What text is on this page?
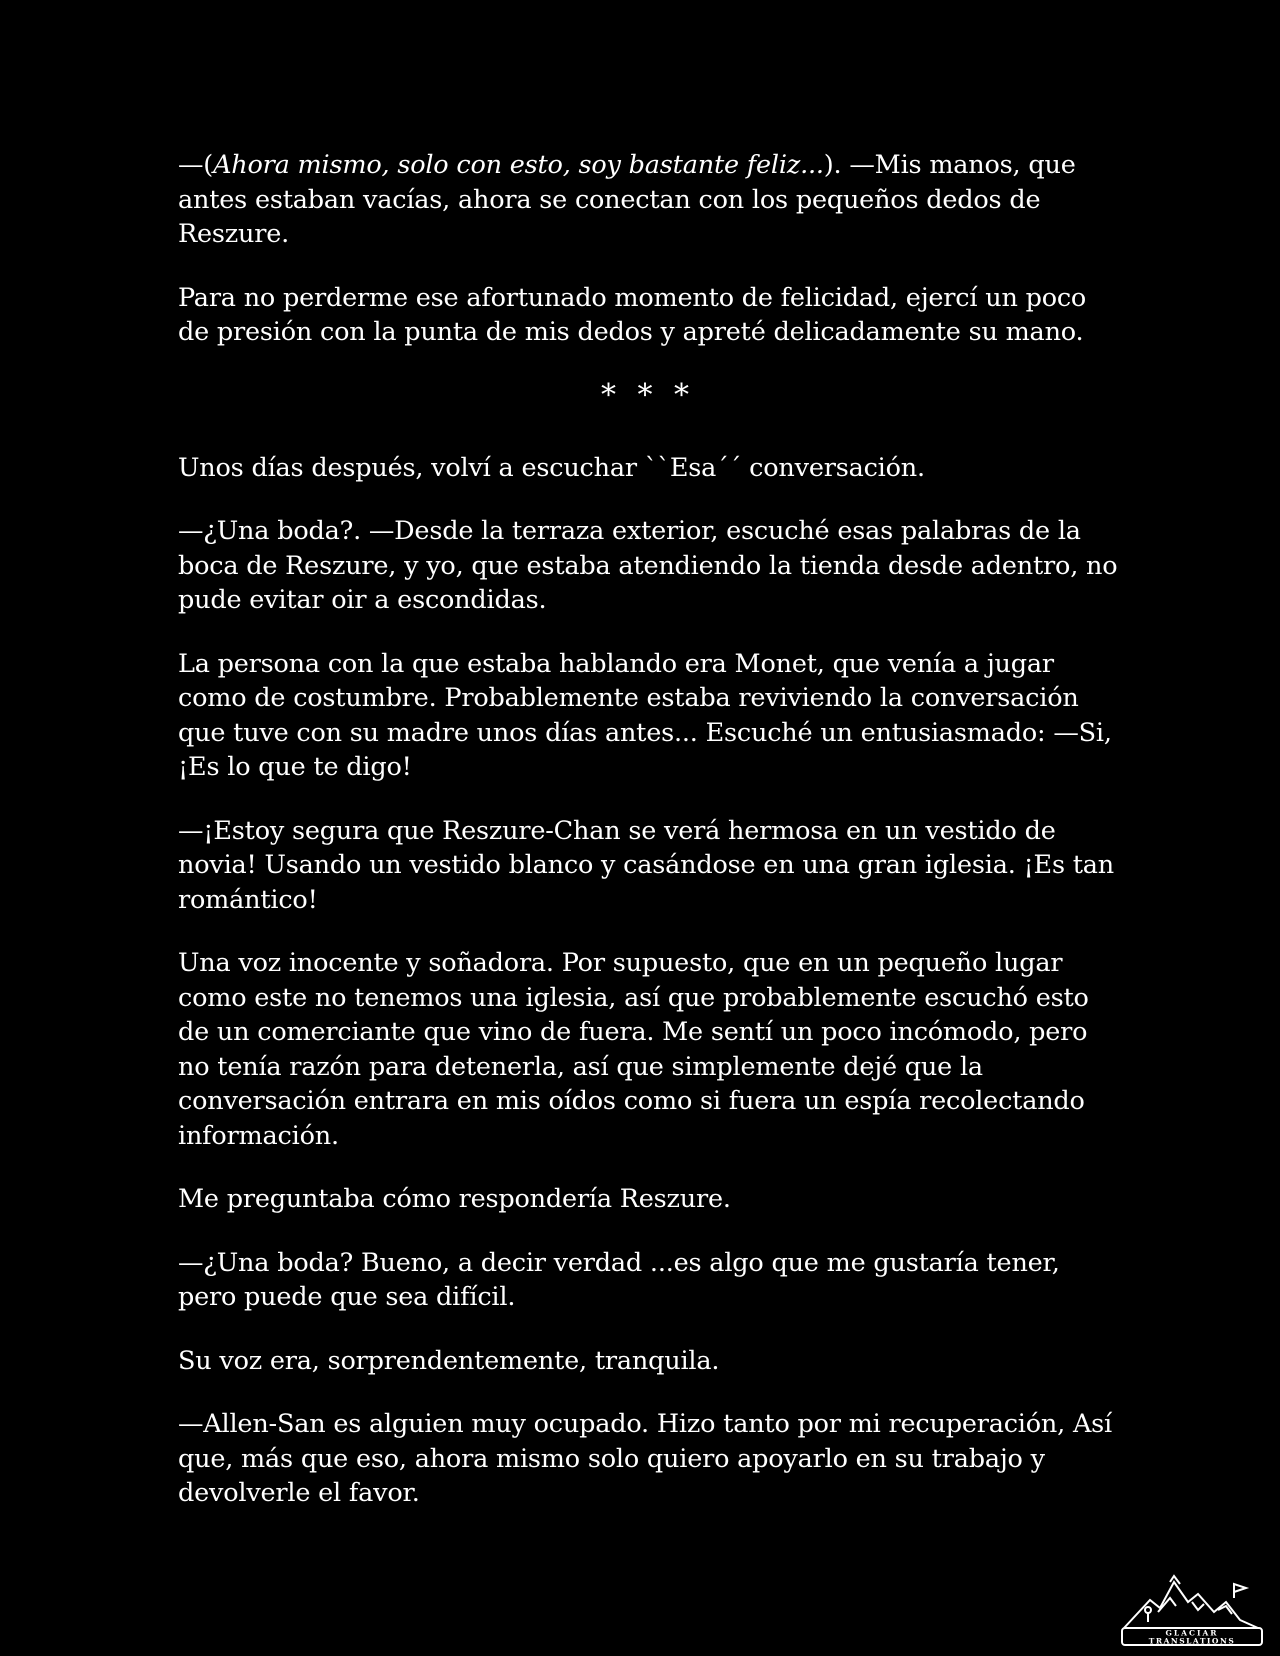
—(Ahora mismo, solo con esto, soy bastante feliz...). —Mis manos, que antes estaban vacías, ahora se conectan con los pequeños dedos de Reszure.

Para no perderme ese afortunado momento de felicidad, ejercí un poco de presión con la punta de mis dedos y apreté delicadamente su mano.

* * *

Unos días después, volví a escuchar ``Esa´´ conversación.

—¿Una boda?. —Desde la terraza exterior, escuché esas palabras de la boca de Reszure, y yo, que estaba atendiendo la tienda desde adentro, no pude evitar oir a escondidas.

La persona con la que estaba hablando era Monet, que venía a jugar como de costumbre. Probablemente estaba reviviendo la conversación que tuve con su madre unos días antes... Escuché un entusiasmado: —Si, ¡Es lo que te digo!

—¡Estoy segura que Reszure-Chan se verá hermosa en un vestido de novia! Usando un vestido blanco y casándose en una gran iglesia. ¡Es tan romántico!

Una voz inocente y soñadora. Por supuesto, que en un pequeño lugar como este no tenemos una iglesia, así que probablemente escuchó esto de un comerciante que vino de fuera. Me sentí un poco incómodo, pero no tenía razón para detenerla, así que simplemente dejé que la conversación entrara en mis oídos como si fuera un espía recolectando información.

Me preguntaba cómo respondería Reszure.

—¿Una boda? Bueno, a decir verdad ...es algo que me gustaría tener, pero puede que sea difícil.

Su voz era, sorprendentemente, tranquila.

—Allen-San es alguien muy ocupado. Hizo tanto por mi recuperación, Así que, más que eso, ahora mismo solo quiero apoyarlo en su trabajo y devolverle el favor.

GLACIAR
TRANSLATIONS
